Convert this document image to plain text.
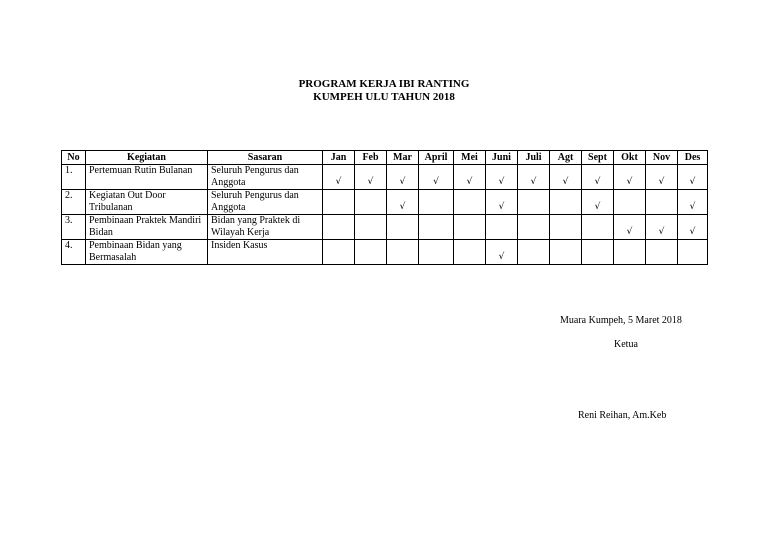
PROGRAM KERJA IBI RANTING
KUMPEH ULU TAHUN 2018
No	Kegiatan	Sasaran	Jan	Feb	Mar	April	Mei	Juni	Juli	Agt	Sept	Okt	Nov	Des
1.	Pertemuan Rutin Bulanan	Seluruh Pengurus dan Anggota	√	√	√	√	√	√	√	√	√	√	√	√
2.	Kegiatan Out Door Tribulanan	Seluruh Pengurus dan Anggota			√			√			√			√
3.	Pembinaan Praktek Mandiri Bidan	Bidan yang Praktek di Wilayah Kerja										√	√	√
4.	Pembinaan Bidan yang Bermasalah	Insiden Kasus						√						
Muara Kumpeh, 5 Maret 2018
Ketua
Reni Reihan, Am.Keb
